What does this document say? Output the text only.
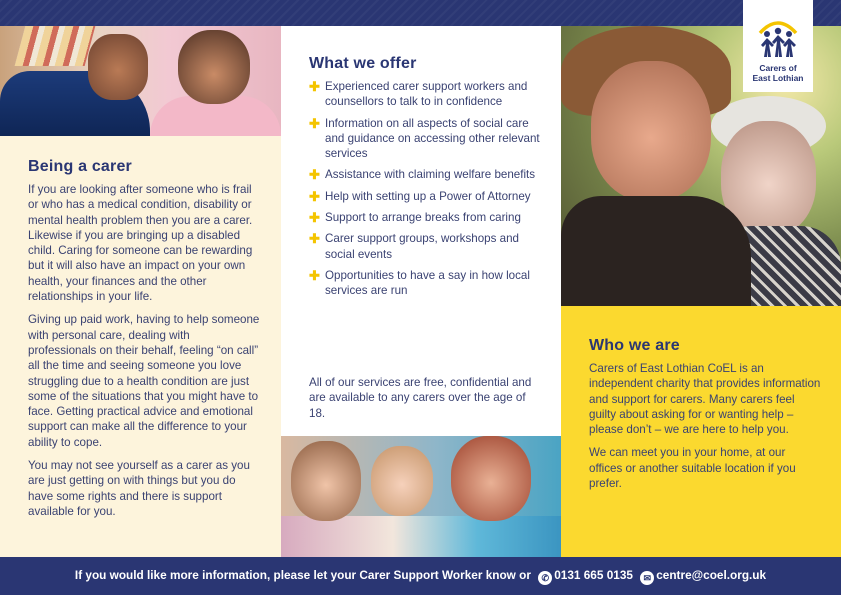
Being a carer

If you are looking after someone who is frail or who has a medical condition, disability or mental health problem then you are a carer. Likewise if you are bringing up a disabled child. Caring for someone can be rewarding but it will also have an impact on your own health, your finances and the other relationships in your life.

Giving up paid work, having to help someone with personal care, dealing with professionals on their behalf, feeling “on call” all the time and seeing someone you love struggling due to a health condition are just some of the situations that you might have to face. Getting practical advice and emotional support can make all the difference to your ability to cope.

You may not see yourself as a carer as you are just getting on with things but you do have some rights and there is support available for you.

What we offer
✚ Experienced carer support workers and counsellors to talk to in confidence
✚ Information on all aspects of social care and guidance on accessing other relevant services
✚ Assistance with claiming welfare benefits
✚ Help with setting up a Power of Attorney
✚ Support to arrange breaks from caring
✚ Carer support groups, workshops and social events
✚ Opportunities to have a say in how local services are run

All of our services are free, confidential and are available to any carers over the age of 18.

Who we are

Carers of East Lothian CoEL is an independent charity that provides information and support for carers. Many carers feel guilty about asking for or wanting help – please don’t – we are here to help you.

We can meet you in your home, at our offices or another suitable location if you prefer.

Carers of
East Lothian
If you would like more information, please let your Carer Support Worker know or ✆ 0131 665 0135 ✉ centre@coel.org.uk
